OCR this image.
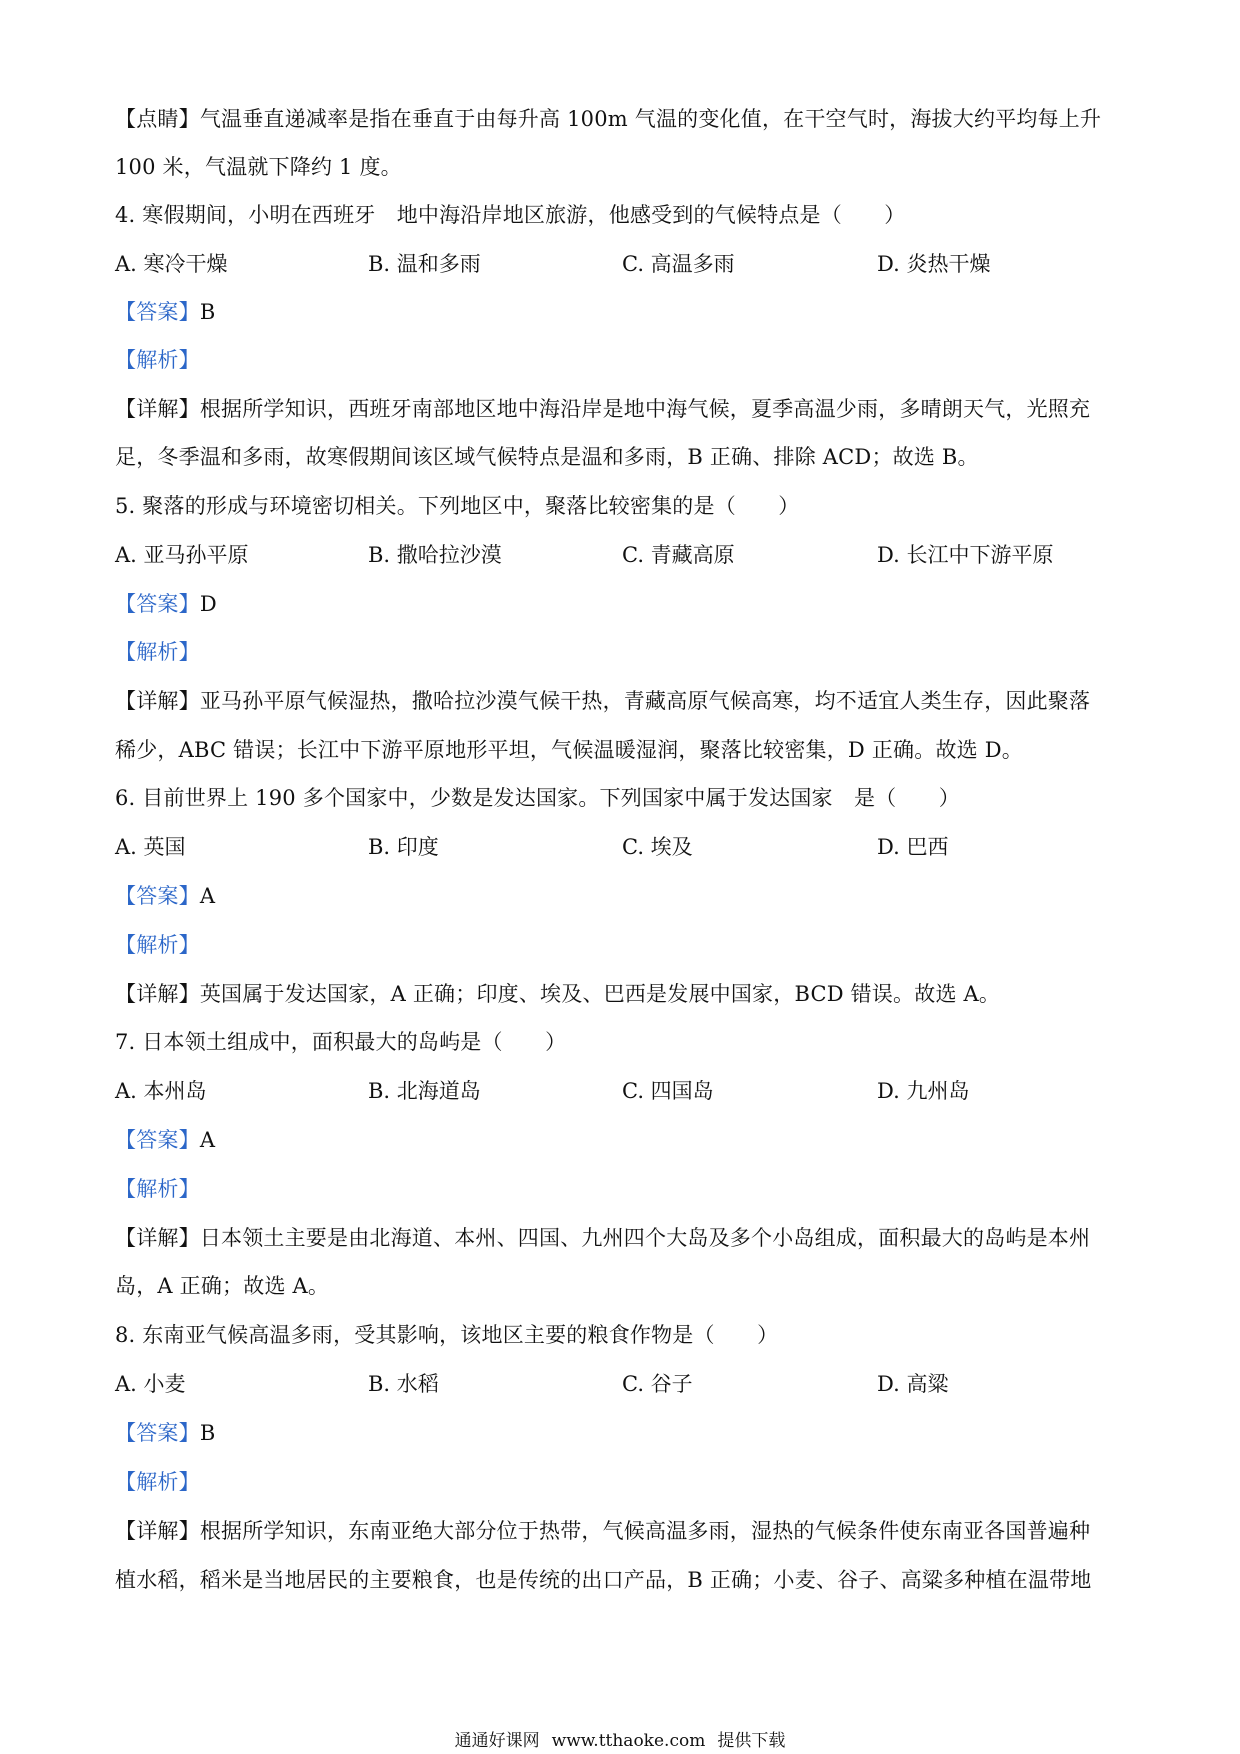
【点睛】气温垂直递减率是指在垂直于由每升高 100m 气温的变化值，在干空气时，海拔大约平均每上升
100 米，气温就下降约 1 度。
4. 寒假期间，小明在西班牙　地中海沿岸地区旅游，他感受到的气候特点是（　　）
A. 寒冷干燥	B. 温和多雨	C. 高温多雨	D. 炎热干燥
【答案】B
【解析】
【详解】根据所学知识，西班牙南部地区地中海沿岸是地中海气候，夏季高温少雨，多晴朗天气，光照充
足，冬季温和多雨，故寒假期间该区域气候特点是温和多雨，B 正确、排除 ACD；故选 B。
5. 聚落的形成与环境密切相关。下列地区中，聚落比较密集的是（　　）
A. 亚马孙平原	B. 撒哈拉沙漠	C. 青藏高原	D. 长江中下游平原
【答案】D
【解析】
【详解】亚马孙平原气候湿热，撒哈拉沙漠气候干热，青藏高原气候高寒，均不适宜人类生存，因此聚落
稀少，ABC 错误；长江中下游平原地形平坦，气候温暖湿润，聚落比较密集，D 正确。故选 D。
6. 目前世界上 190 多个国家中，少数是发达国家。下列国家中属于发达国家　是（　　）
A. 英国	B. 印度	C. 埃及	D. 巴西
【答案】A
【解析】
【详解】英国属于发达国家，A 正确；印度、埃及、巴西是发展中国家，BCD 错误。故选 A。
7. 日本领土组成中，面积最大的岛屿是（　　）
A. 本州岛	B. 北海道岛	C. 四国岛	D. 九州岛
【答案】A
【解析】
【详解】日本领土主要是由北海道、本州、四国、九州四个大岛及多个小岛组成，面积最大的岛屿是本州
岛，A 正确；故选 A。
8. 东南亚气候高温多雨，受其影响，该地区主要的粮食作物是（　　）
A. 小麦	B. 水稻	C. 谷子	D. 高粱
【答案】B
【解析】
【详解】根据所学知识，东南亚绝大部分位于热带，气候高温多雨，湿热的气候条件使东南亚各国普遍种
植水稻，稻米是当地居民的主要粮食，也是传统的出口产品，B 正确；小麦、谷子、高粱多种植在温带地
通通好课网 www.tthaoke.com 提供下载
